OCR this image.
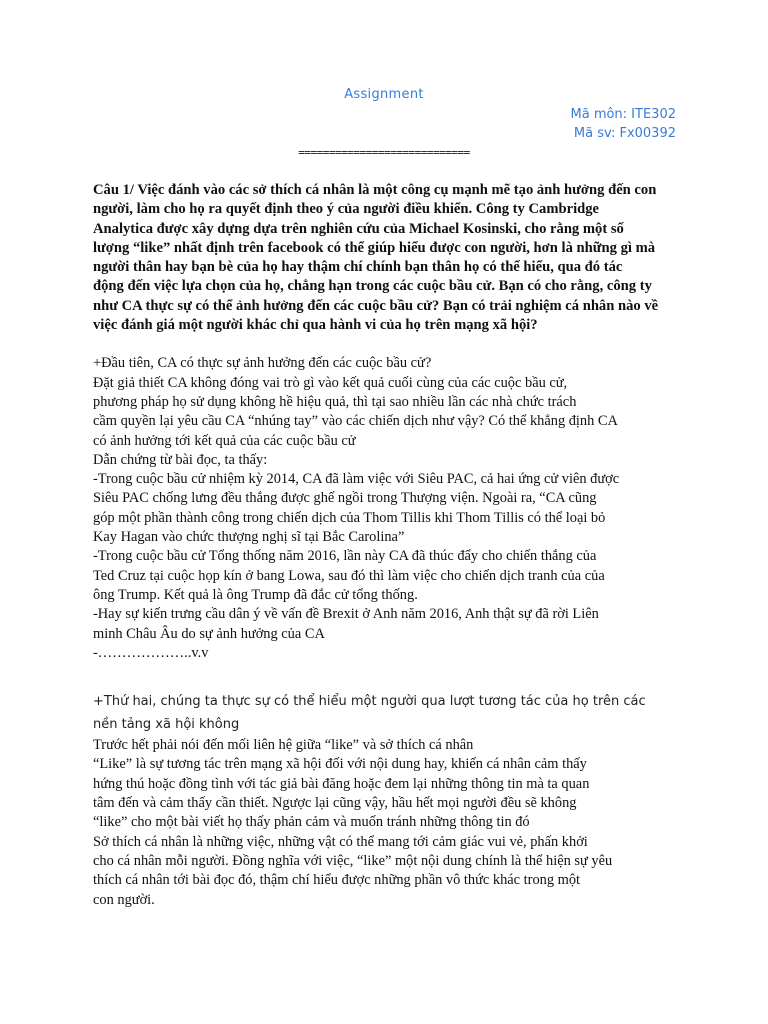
Assignment
Mã môn: ITE302
Mã sv: Fx00392
============================

Câu 1/ Việc đánh vào các sở thích cá nhân là một công cụ mạnh mẽ tạo ảnh hưởng đến con
người, làm cho họ ra quyết định theo ý của người điều khiển. Công ty Cambridge
Analytica được xây dựng dựa trên nghiên cứu của Michael Kosinski, cho rằng một số
lượng “like” nhất định trên facebook có thể giúp hiểu được con người, hơn là những gì mà
người thân hay bạn bè của họ hay thậm chí chính bạn thân họ có thể hiểu, qua đó tác
động đến việc lựa chọn của họ, chẳng hạn trong các cuộc bầu cử. Bạn có cho rằng, công ty
như CA thực sự có thể ảnh hưởng đến các cuộc bầu cử? Bạn có trải nghiệm cá nhân nào về
việc đánh giá một người khác chỉ qua hành vi của họ trên mạng xã hội?

+Đầu tiên, CA có thực sự ảnh hưởng đến các cuộc bầu cử?
Đặt giả thiết CA không đóng vai trò gì vào kết quả cuối cùng của các cuộc bầu cử,
phương pháp họ sử dụng không hề hiệu quả, thì tại sao nhiều lần các nhà chức trách
cầm quyền lại yêu cầu CA “nhúng tay” vào các chiến dịch như vậy? Có thể khẳng định CA
có ảnh hưởng tới kết quả của các cuộc bầu cử
Dẫn chứng từ bài đọc, ta thấy:
-Trong cuộc bầu cử nhiệm kỳ 2014, CA đã làm việc với Siêu PAC, cả hai ứng cử viên được
Siêu PAC chống lưng đều thắng được ghế ngồi trong Thượng viện. Ngoài ra, “CA cũng
góp một phần thành công trong chiến dịch của Thom Tillis khi Thom Tillis có thể loại bỏ
Kay Hagan vào chức thượng nghị sĩ tại Bắc Carolina”
-Trong cuộc bầu cử Tổng thống năm 2016, lần này CA đã thúc đẩy cho chiến thắng của
Ted Cruz tại cuộc họp kín ở bang Lowa, sau đó thì làm việc cho chiến dịch tranh của của
ông Trump. Kết quả là ông Trump đã đắc cử tổng thống.
-Hay sự kiến trưng cầu dân ý về vấn đề Brexit ở Anh năm 2016, Anh thật sự đã rời Liên
minh Châu Âu do sự ảnh hưởng của CA
-………………..v.v

+Thứ hai, chúng ta thực sự có thể hiểu một người qua lượt tương tác của họ trên các
nền tảng xã hội không

Trước hết phải nói đến mối liên hệ giữa “like” và sở thích cá nhân
“Like” là sự tương tác trên mạng xã hội đối với nội dung hay, khiến cá nhân cảm thấy
hứng thú hoặc đồng tình với tác giả bài đăng hoặc đem lại những thông tin mà ta quan
tâm đến và cảm thấy cần thiết. Ngược lại cũng vậy, hầu hết mọi người đều sẽ không
“like” cho một bài viết họ thấy phản cảm và muốn tránh những thông tin đó
Sở thích cá nhân là những việc, những vật có thể mang tới cảm giác vui vẻ, phấn khởi
cho cá nhân mỗi người. Đồng nghĩa với việc, “like” một nội dung chính là thể hiện sự yêu
thích cá nhân tới bài đọc đó, thậm chí hiểu được những phần vô thức khác trong một
con người.
